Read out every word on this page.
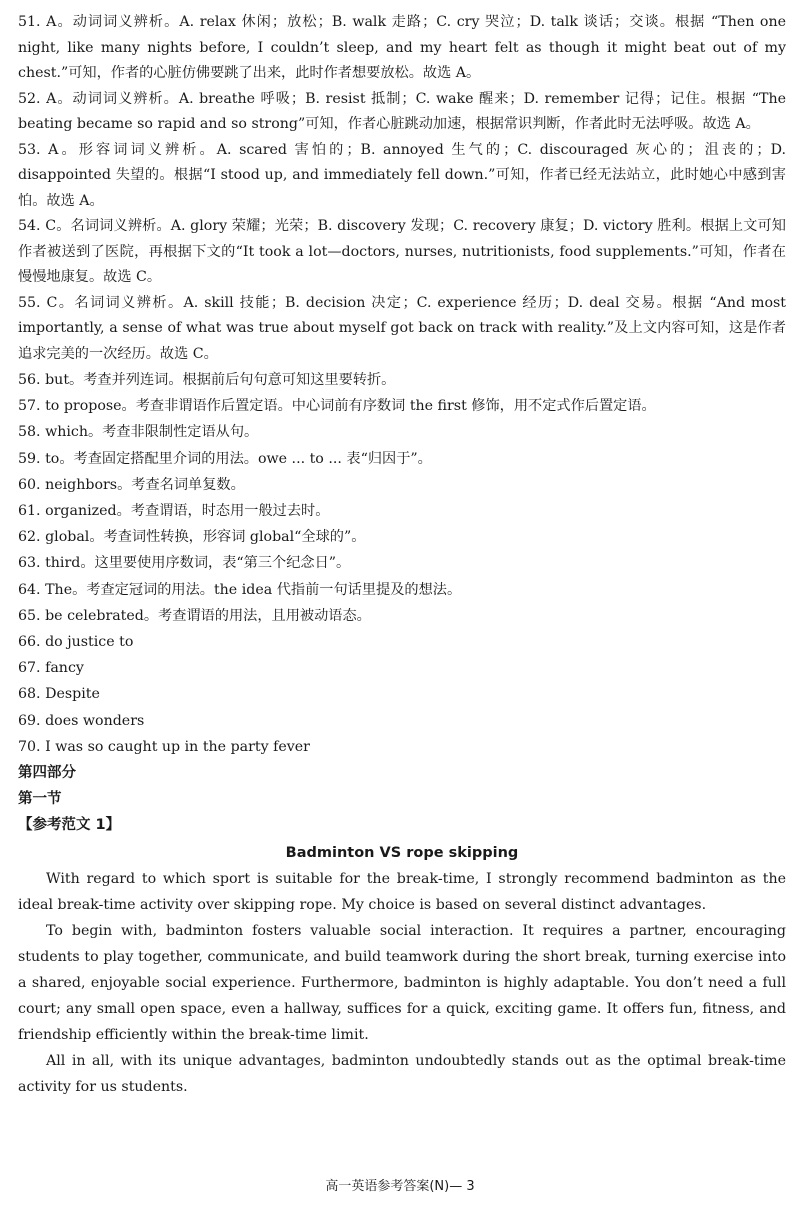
51. A。动词词义辨析。A. relax 休闲；放松；B. walk 走路；C. cry 哭泣；D. talk 谈话；交谈。根据 “Then one night, like many nights before, I couldn’t sleep, and my heart felt as though it might beat out of my chest.”可知，作者的心脏仿佛要跳了出来，此时作者想要放松。故选 A。
52. A。动词词义辨析。A. breathe 呼吸；B. resist 抵制；C. wake 醒来；D. remember 记得；记住。根据 “The beating became so rapid and so strong”可知，作者心脏跳动加速，根据常识判断，作者此时无法呼吸。故选 A。
53. A。形容词词义辨析。A. scared 害怕的；B. annoyed 生气的；C. discouraged 灰心的；沮丧的；D. disappointed 失望的。根据“I stood up, and immediately fell down.”可知，作者已经无法站立，此时她心中感到害怕。故选 A。
54. C。名词词义辨析。A. glory 荣耀；光荣；B. discovery 发现；C. recovery 康复；D. victory 胜利。根据上文可知作者被送到了医院，再根据下文的“It took a lot—doctors, nurses, nutritionists, food supplements.”可知，作者在慢慢地康复。故选 C。
55. C。名词词义辨析。A. skill 技能；B. decision 决定；C. experience 经历；D. deal 交易。根据 “And most importantly, a sense of what was true about myself got back on track with reality.”及上文内容可知，这是作者追求完美的一次经历。故选 C。
56. but。考查并列连词。根据前后句句意可知这里要转折。
57. to propose。考查非谓语作后置定语。中心词前有序数词 the first 修饰，用不定式作后置定语。
58. which。考查非限制性定语从句。
59. to。考查固定搭配里介词的用法。owe ... to ... 表“归因于”。
60. neighbors。考查名词单复数。
61. organized。考查谓语，时态用一般过去时。
62. global。考查词性转换，形容词 global“全球的”。
63. third。这里要使用序数词，表“第三个纪念日”。
64. The。考查定冠词的用法。the idea 代指前一句话里提及的想法。
65. be celebrated。考查谓语的用法，且用被动语态。
66. do justice to
67. fancy
68. Despite
69. does wonders
70. I was so caught up in the party fever
第四部分
第一节
【参考范文 1】
Badminton VS rope skipping
With regard to which sport is suitable for the break-time, I strongly recommend badminton as the ideal break-time activity over skipping rope. My choice is based on several distinct advantages.
To begin with, badminton fosters valuable social interaction. It requires a partner, encouraging students to play together, communicate, and build teamwork during the short break, turning exercise into a shared, enjoyable social experience. Furthermore, badminton is highly adaptable. You don’t need a full court; any small open space, even a hallway, suffices for a quick, exciting game. It offers fun, fitness, and friendship efficiently within the break-time limit.
All in all, with its unique advantages, badminton undoubtedly stands out as the optimal break-time activity for us students.
高一英语参考答案(N)— 3
